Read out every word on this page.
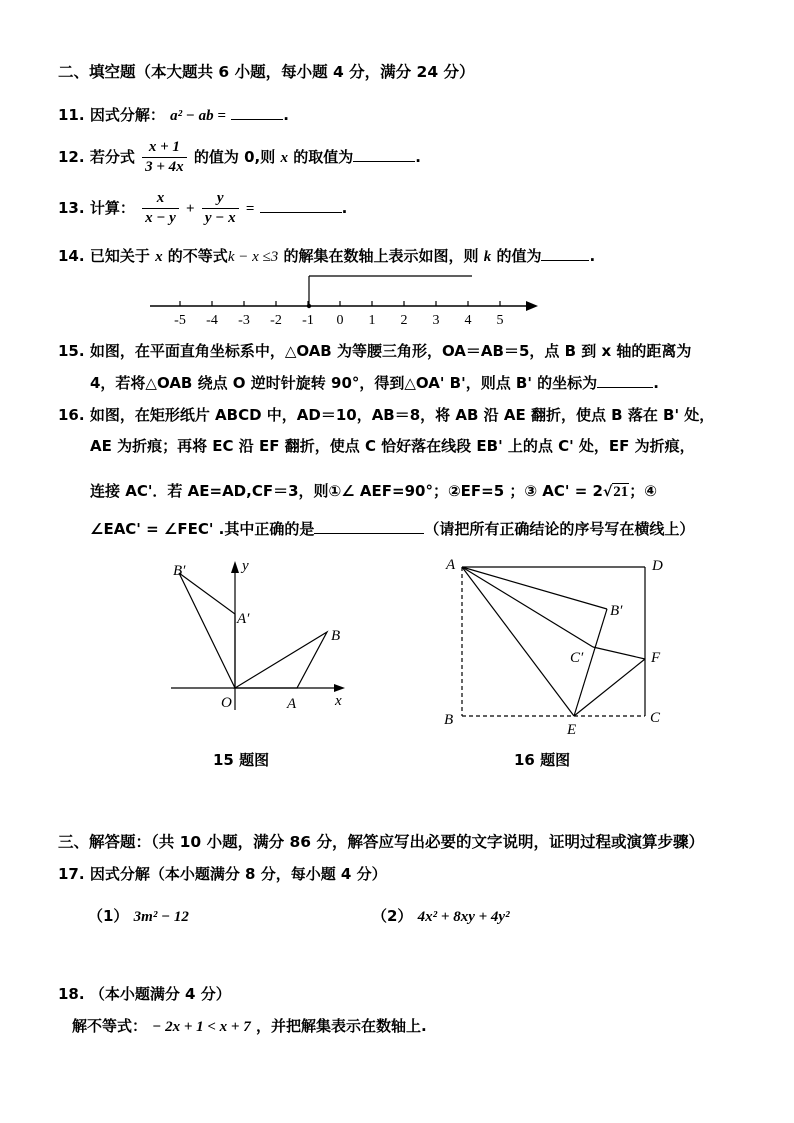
二、填空题（本大题共 6 小题，每小题 4 分，满分 24 分）
11. 因式分解： a² − ab =	.
12. 若分式 $\frac{x + 1}{3 + 4x}$ 的值为 0,则 x 的取值为	.
13. 计算： $\frac{x}{x - y} + \frac{y}{y - x}$ =	.
14. 已知关于 x 的不等式k − x ≤3 的解集在数轴上表示如图，则 k 的值为	.
-5 -4 -3 -2 -1 0 1 2 3 4 5
15. 如图，在平面直角坐标系中，△OAB 为等腰三角形，OA＝AB＝5，点 B 到 x 轴的距离为
4，若将△OAB 绕点 O 逆时针旋转 90°，得到△OA' B'，则点 B' 的坐标为	.
16. 如图，在矩形纸片 ABCD 中，AD＝10，AB＝8，将 AB 沿 AE 翻折，使点 B 落在 B' 处，
AE 为折痕；再将 EC 沿 EF 翻折，使点 C 恰好落在线段 EB' 上的点 C' 处，EF 为折痕，
连接 AC'．若 AE=AD,CF＝3，则①∠ AEF=90°；②EF=5 ；③ AC' = 2√21；④
∠EAC' = ∠FEC' .其中正确的是	（请把所有正确结论的序号写在横线上）
B′	y
A′
B
O	A	x
15 题图
A	D
B′
C′	F
B
E
C
16 题图
三、解答题：（共 10 小题，满分 86 分，解答应写出必要的文字说明，证明过程或演算步骤）
17. 因式分解（本小题满分 8 分，每小题 4 分）
（1） 3m² − 12	（2） 4x² + 8xy + 4y²
18. （本小题满分 4 分）
解不等式： − 2x + 1 < x + 7 ，并把解集表示在数轴上.
